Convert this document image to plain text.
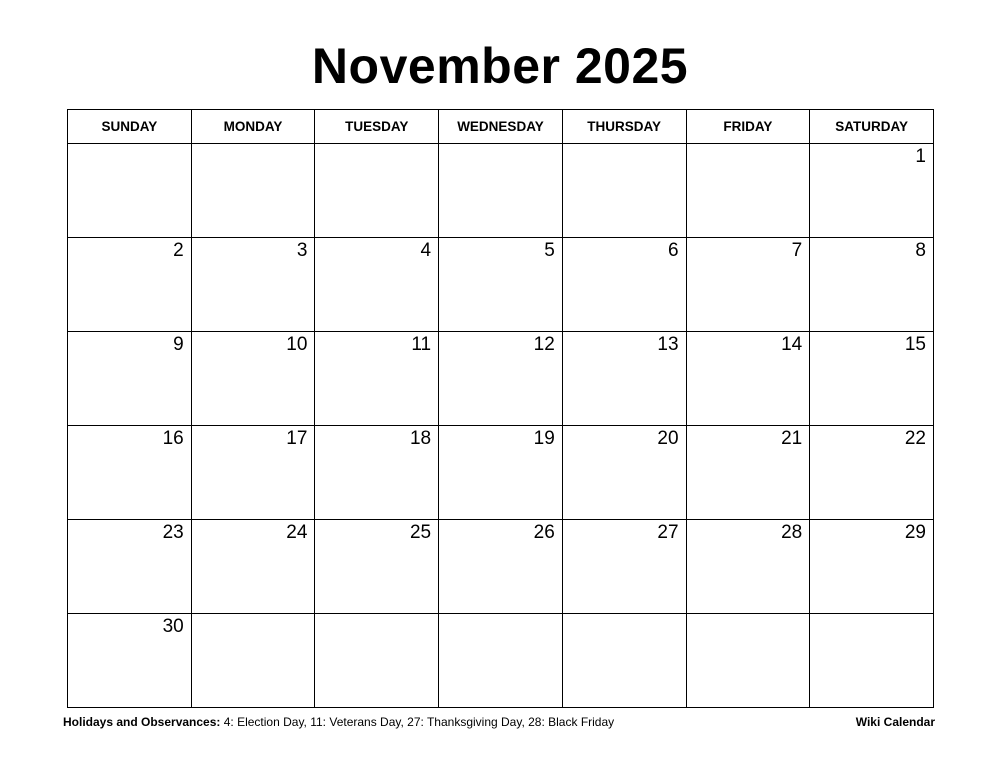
November 2025
SUNDAY	MONDAY	TUESDAY	WEDNESDAY	THURSDAY	FRIDAY	SATURDAY

						1

2	3	4	5	6	7	8

9	10	11	12	13	14	15

16	17	18	19	20	21	22

23	24	25	26	27	28	29

30						

Holidays and Observances: 4: Election Day, 11: Veterans Day, 27: Thanksgiving Day, 28: Black Friday	Wiki Calendar
